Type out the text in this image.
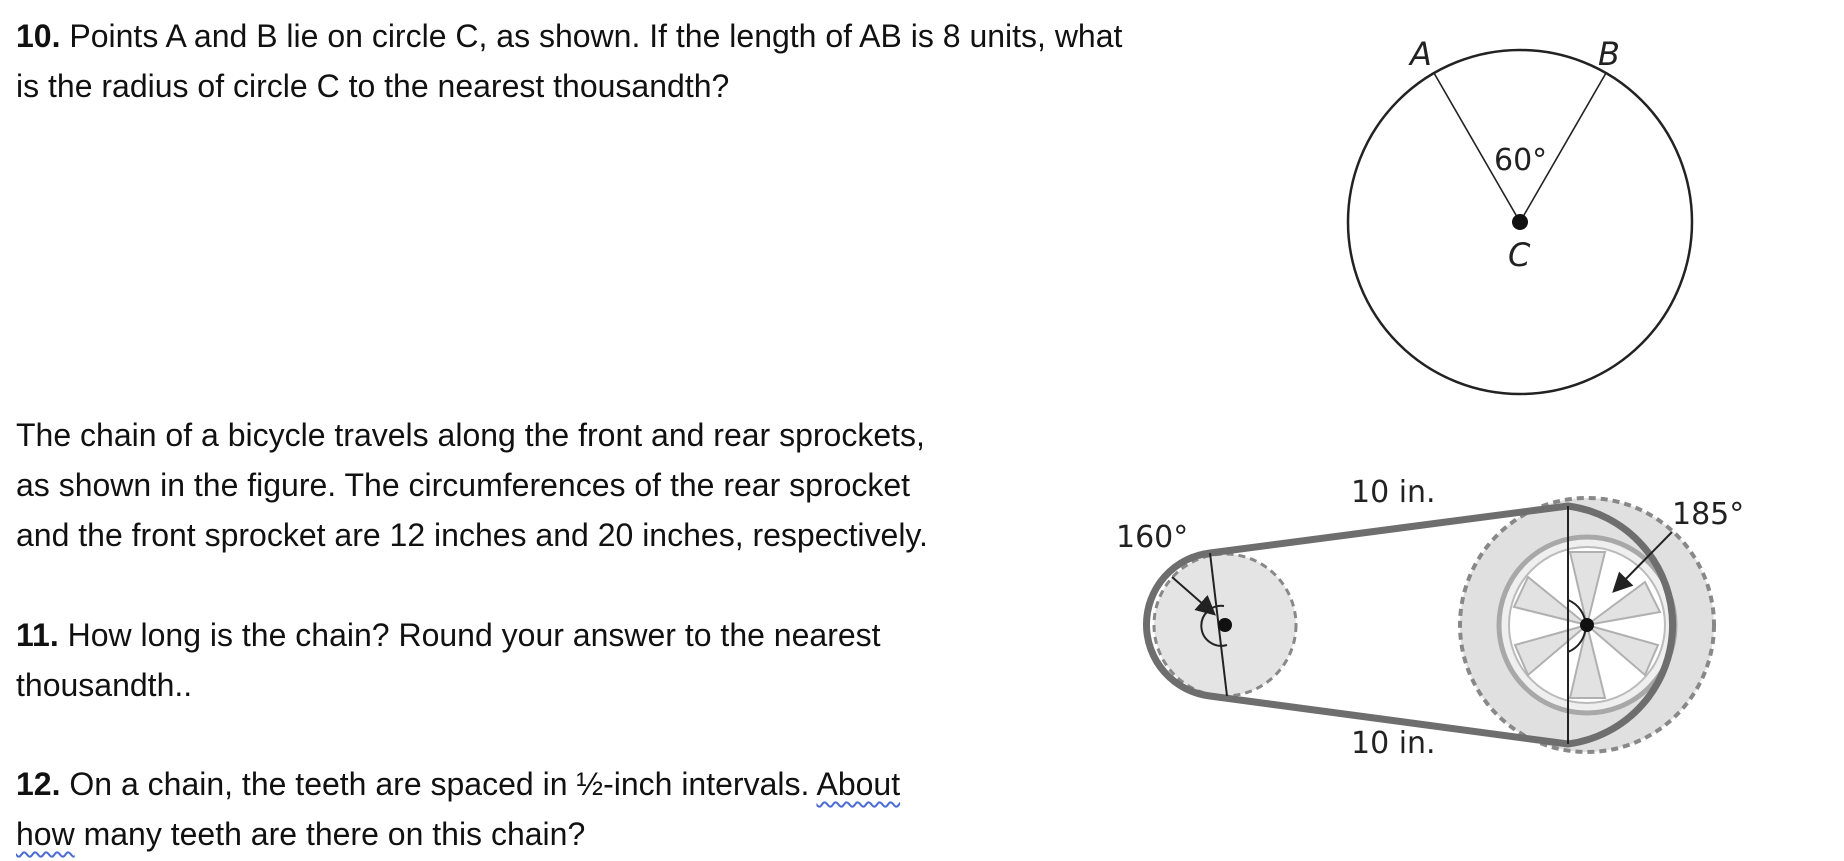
10. Points A and B lie on circle C, as shown. If the length of AB is 8 units, what
is the radius of circle C to the nearest thousandth?
A	B
C
60°
The chain of a bicycle travels along the front and rear sprockets,
as shown in the figure. The circumferences of the rear sprocket
and the front sprocket are 12 inches and 20 inches, respectively.
11. How long is the chain? Round your answer to the nearest
thousandth..
12. On a chain, the teeth are spaced in ½-inch intervals. About
how many teeth are there on this chain?
10 in.
10 in.
160°
185°
